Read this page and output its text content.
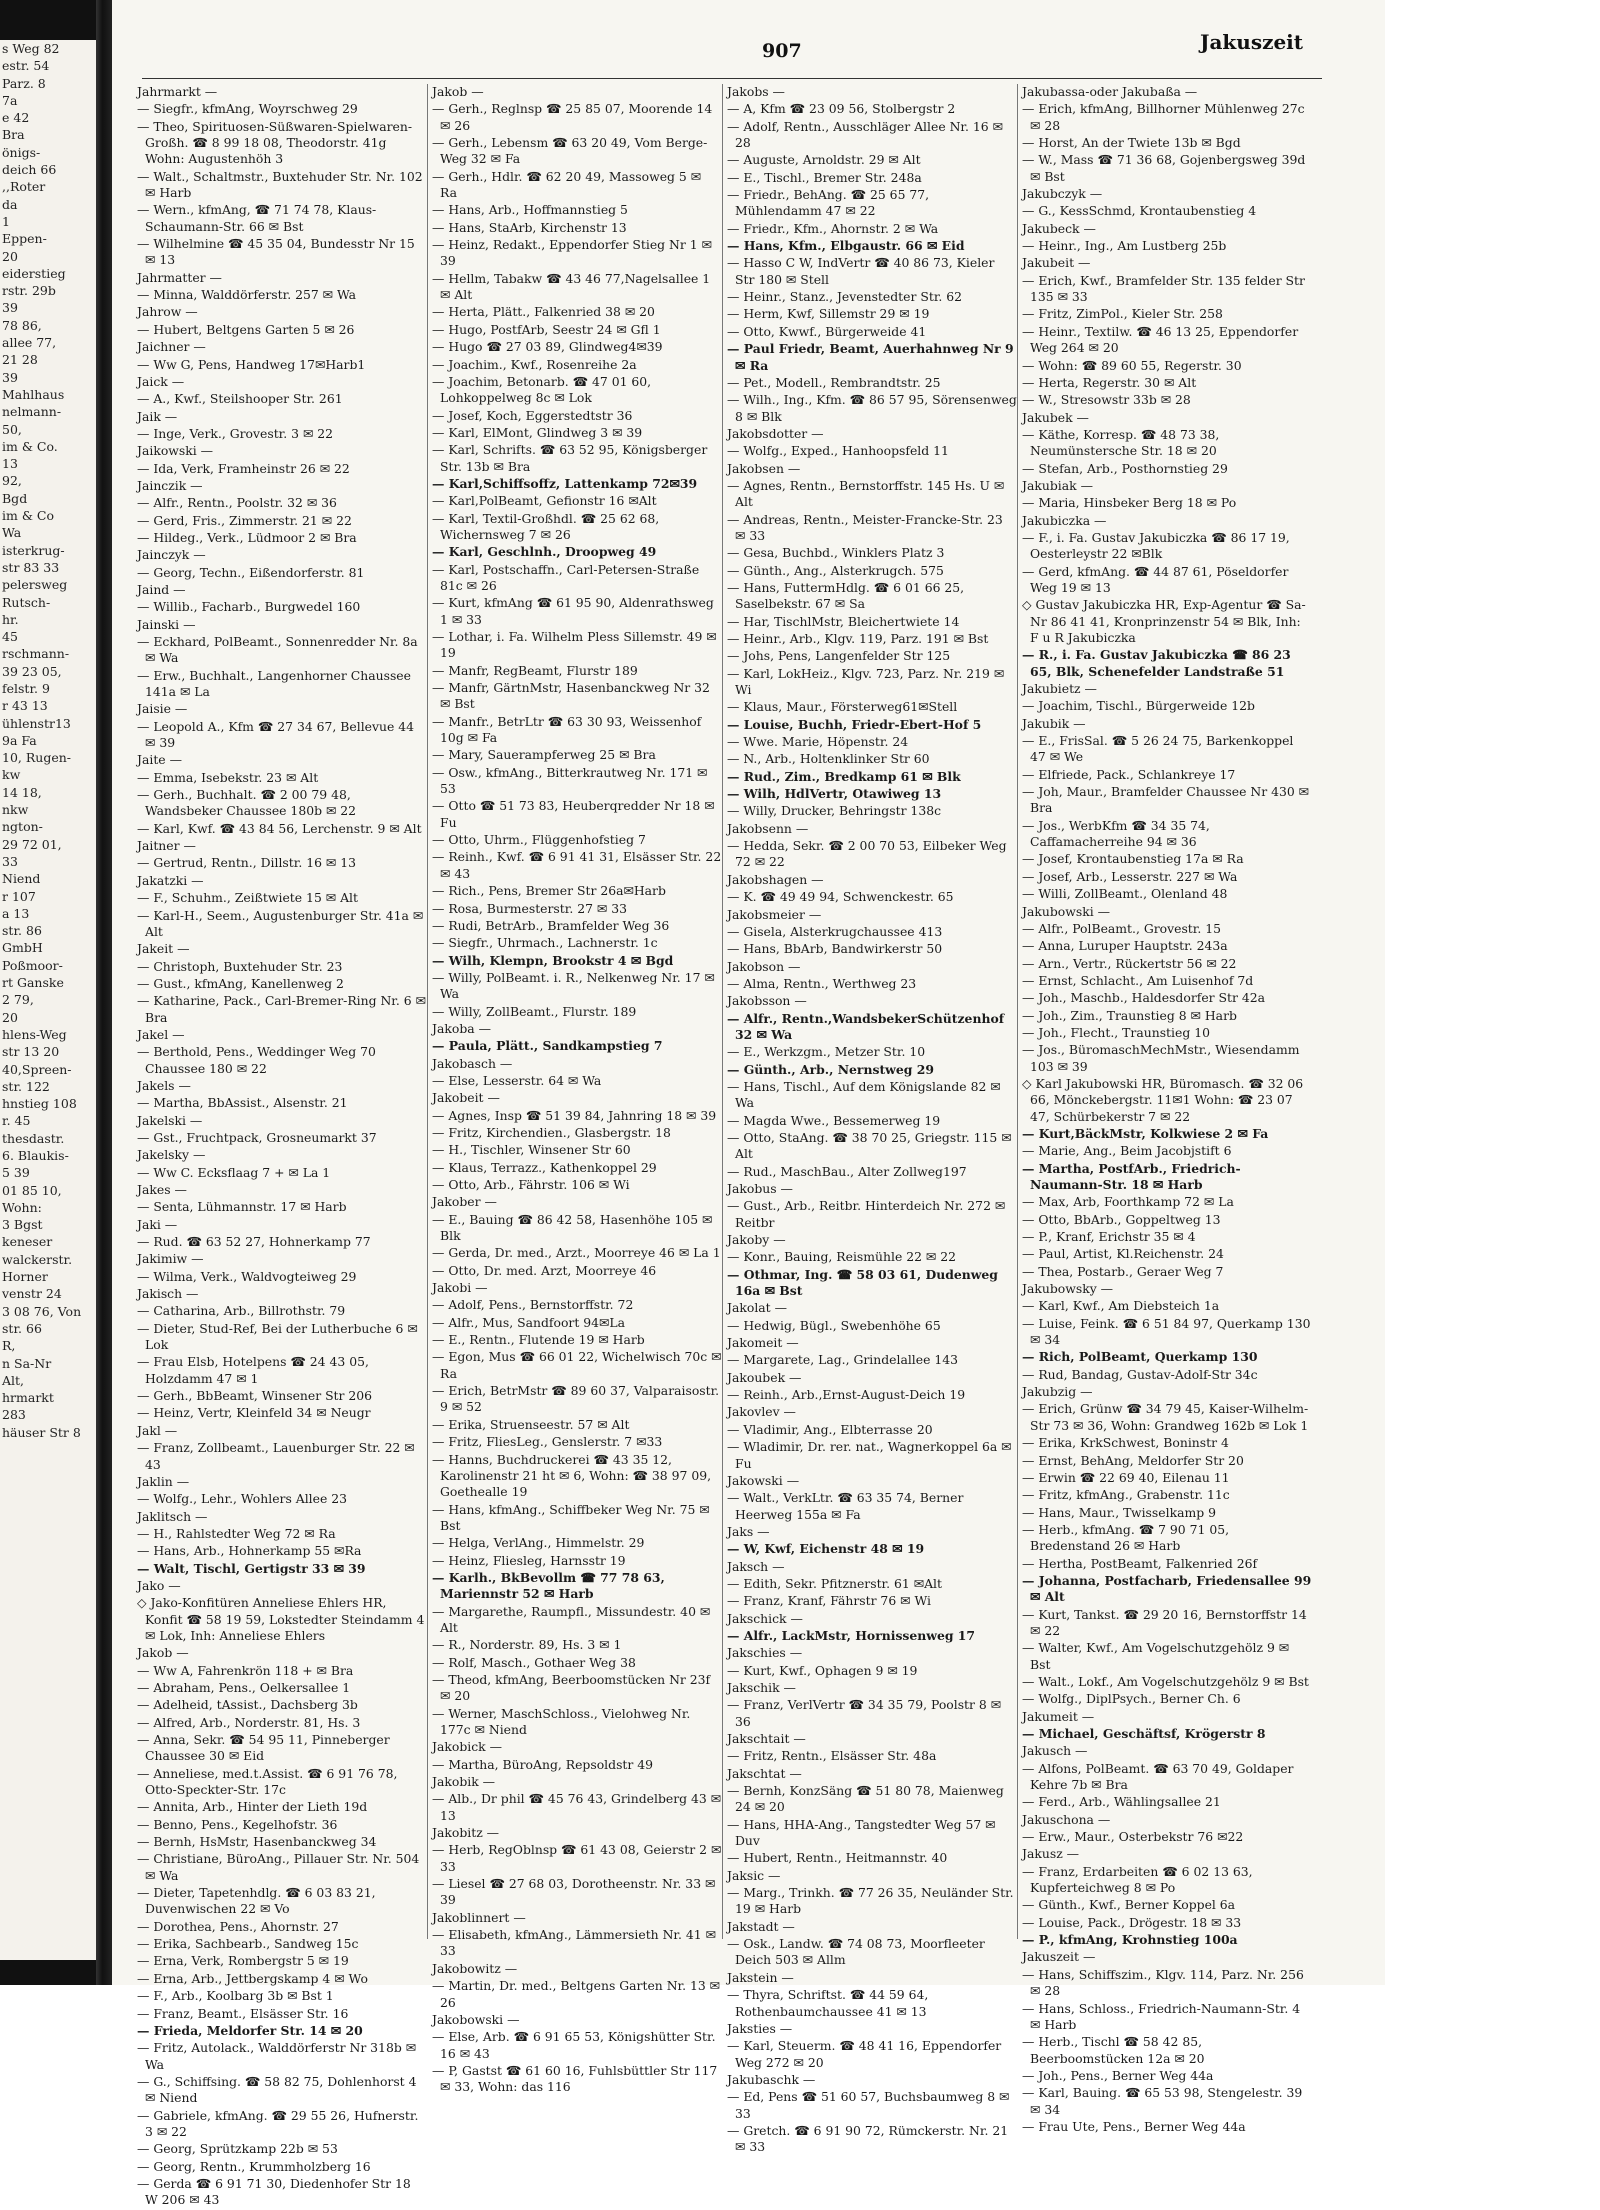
s Weg 82
estr. 54
Parz. 8
7a
e 42
Bra
önigs-
deich 66
,,Roter
da
1
Eppen-
20
eiderstieg
rstr. 29b
39
78 86,
allee 77,
21 28
39
Mahlhaus
nelmann-
50,
im & Co.
13
92,
Bgd
im & Co
Wa
isterkrug-
str 83 33
pelersweg
Rutsch-
hr.
45
rschmann-
39 23 05,
felstr. 9
r 43 13
ühlenstr13
9a Fa
10, Rugen-
kw
14 18,
nkw
ngton-
29 72 01,
33
Niend
r 107
a 13
str. 86
GmbH
Poßmoor-
rt Ganske
2 79,
20
hlens-Weg
str 13 20
40,Spreen-
str. 122
hnstieg 108
r. 45
thesdastr.
6. Blaukis-
5 39
01 85 10,
Wohn:
3 Bgst
keneser
walckerstr.
Horner
venstr 24
3 08 76, Von
str. 66
R,
n Sa-Nr
Alt,
hrmarkt
283
häuser Str 8
907	Jakuszeit
Jahrmarkt —
— Siegfr., kfmAng, Woyrschweg 29
— Theo, Spirituosen-Süßwaren-Spielwaren-Großh. ☎ 8 99 18 08, Theodorstr. 41g Wohn: Augustenhöh 3
— Walt., Schaltmstr., Buxtehuder Str. Nr. 102 ✉ Harb
— Wern., kfmAng, ☎ 71 74 78, Klaus-Schaumann-Str. 66 ✉ Bst
— Wilhelmine ☎ 45 35 04, Bundesstr Nr 15 ✉ 13
Jahrmatter —
— Minna, Walddörferstr. 257 ✉ Wa
Jahrow —
— Hubert, Beltgens Garten 5 ✉ 26
Jaichner —
— Ww G, Pens, Handweg 17✉Harb1
Jaick —
— A., Kwf., Steilshooper Str. 261
Jaik —
— Inge, Verk., Grovestr. 3 ✉ 22
Jaikowski —
— Ida, Verk, Framheinstr 26 ✉ 22
Jainczik —
— Alfr., Rentn., Poolstr. 32 ✉ 36
— Gerd, Fris., Zimmerstr. 21 ✉ 22
— Hildeg., Verk., Lüdmoor 2 ✉ Bra
Jainczyk —
— Georg, Techn., Eißendorferstr. 81
Jaind —
— Willib., Facharb., Burgwedel 160
Jainski —
— Eckhard, PolBeamt., Sonnenredder Nr. 8a ✉ Wa
— Erw., Buchhalt., Langenhorner Chaussee 141a ✉ La
Jaisie —
— Leopold A., Kfm ☎ 27 34 67, Bellevue 44 ✉ 39
Jaite —
— Emma, Isebekstr. 23 ✉ Alt
— Gerh., Buchhalt. ☎ 2 00 79 48, Wandsbeker Chaussee 180b ✉ 22
— Karl, Kwf. ☎ 43 84 56, Lerchenstr. 9 ✉ Alt
Jaitner —
— Gertrud, Rentn., Dillstr. 16 ✉ 13
Jakatzki —
— F., Schuhm., Zeißtwiete 15 ✉ Alt
— Karl-H., Seem., Augustenburger Str. 41a ✉ Alt
Jakeit —
— Christoph, Buxtehuder Str. 23
— Gust., kfmAng, Kanellenweg 2
— Katharine, Pack., Carl-Bremer-Ring Nr. 6 ✉ Bra
Jakel —
— Berthold, Pens., Weddinger Weg 70 Chaussee 180 ✉ 22
Jakels —
— Martha, BbAssist., Alsenstr. 21
Jakelski —
— Gst., Fruchtpack, Grosneumarkt 37
Jakelsky —
— Ww C. Ecksflaag 7 + ✉ La 1
Jakes —
— Senta, Lühmannstr. 17 ✉ Harb
Jaki —
— Rud. ☎ 63 52 27, Hohnerkamp 77
Jakimiw —
— Wilma, Verk., Waldvogteiweg 29
Jakisch —
— Catharina, Arb., Billrothstr. 79
— Dieter, Stud-Ref, Bei der Lutherbuche 6 ✉ Lok
— Frau Elsb, Hotelpens ☎ 24 43 05, Holzdamm 47 ✉ 1
— Gerh., BbBeamt, Winsener Str 206
— Heinz, Vertr, Kleinfeld 34 ✉ Neugr
Jakl —
— Franz, Zollbeamt., Lauenburger Str. 22 ✉ 43
Jaklin —
— Wolfg., Lehr., Wohlers Allee 23
Jaklitsch —
— H., Rahlstedter Weg 72 ✉ Ra
— Hans, Arb., Hohnerkamp 55 ✉Ra
— Walt, Tischl, Gertigstr 33 ✉ 39
Jako —
◇ Jako-Konfitüren Anneliese Ehlers HR, Konfit ☎ 58 19 59, Lokstedter Steindamm 4 ✉ Lok, Inh: Anneliese Ehlers
Jakob —
— Ww A, Fahrenkrön 118 + ✉ Bra
— Abraham, Pens., Oelkersallee 1
— Adelheid, tAssist., Dachsberg 3b
— Alfred, Arb., Norderstr. 81, Hs. 3
— Anna, Sekr. ☎ 54 95 11, Pinneberger Chaussee 30 ✉ Eid
— Anneliese, med.t.Assist. ☎ 6 91 76 78, Otto-Speckter-Str. 17c
— Annita, Arb., Hinter der Lieth 19d
— Benno, Pens., Kegelhofstr. 36
— Bernh, HsMstr, Hasenbanckweg 34
— Christiane, BüroAng., Pillauer Str. Nr. 504 ✉ Wa
— Dieter, Tapetenhdlg. ☎ 6 03 83 21, Duvenwischen 22 ✉ Vo
— Dorothea, Pens., Ahornstr. 27
— Erika, Sachbearb., Sandweg 15c
— Erna, Verk, Rombergstr 5 ✉ 19
— Erna, Arb., Jettbergskamp 4 ✉ Wo
— F., Arb., Koolbarg 3b ✉ Bst 1
— Franz, Beamt., Elsässer Str. 16
— Frieda, Meldorfer Str. 14 ✉ 20
— Fritz, Autolack., Walddörferstr Nr 318b ✉ Wa
— G., Schiffsing. ☎ 58 82 75, Dohlenhorst 4 ✉ Niend
— Gabriele, kfmAng. ☎ 29 55 26, Hufnerstr. 3 ✉ 22
— Georg, Sprützkamp 22b ✉ 53
— Georg, Rentn., Krummholzberg 16
— Gerda ☎ 6 91 71 30, Diedenhofer Str 18 W 206 ✉ 43
Jakob —
— Gerh., Reglnsp ☎ 25 85 07, Moorende 14 ✉ 26
— Gerh., Lebensm ☎ 63 20 49, Vom Berge-Weg 32 ✉ Fa
— Gerh., Hdlr. ☎ 62 20 49, Massoweg 5 ✉ Ra
— Hans, Arb., Hoffmannstieg 5
— Hans, StaArb, Kirchenstr 13
— Heinz, Redakt., Eppendorfer Stieg Nr 1 ✉ 39
— Hellm, Tabakw ☎ 43 46 77,Nagelsallee 1 ✉ Alt
— Herta, Plätt., Falkenried 38 ✉ 20
— Hugo, PostfArb, Seestr 24 ✉ Gfl 1
— Hugo ☎ 27 03 89, Glindweg4✉39
— Joachim., Kwf., Rosenreihe 2a
— Joachim, Betonarb. ☎ 47 01 60, Lohkoppelweg 8c ✉ Lok
— Josef, Koch, Eggerstedtstr 36
— Karl, ElMont, Glindweg 3 ✉ 39
— Karl, Schrifts. ☎ 63 52 95, Königsberger Str. 13b ✉ Bra
— Karl,Schiffsoffz, Lattenkamp 72✉39
— Karl,PolBeamt, Gefionstr 16 ✉Alt
— Karl, Textil-Großhdl. ☎ 25 62 68, Wichernsweg 7 ✉ 26
— Karl, Geschlnh., Droopweg 49
— Karl, Postschaffn., Carl-Petersen-Straße 81c ✉ 26
— Kurt, kfmAng ☎ 61 95 90, Aldenrathsweg 1 ✉ 33
— Lothar, i. Fa. Wilhelm Pless Sillemstr. 49 ✉ 19
— Manfr, RegBeamt, Flurstr 189
— Manfr, GärtnMstr, Hasenbanckweg Nr 32 ✉ Bst
— Manfr., BetrLtr ☎ 63 30 93, Weissenhof 10g ✉ Fa
— Mary, Sauerampferweg 25 ✉ Bra
— Osw., kfmAng., Bitterkrautweg Nr. 171 ✉ 53
— Otto ☎ 51 73 83, Heuberqredder Nr 18 ✉ Fu
— Otto, Uhrm., Flüggenhofstieg 7
— Reinh., Kwf. ☎ 6 91 41 31, Elsässer Str. 22 ✉ 43
— Rich., Pens, Bremer Str 26a✉Harb
— Rosa, Burmesterstr. 27 ✉ 33
— Rudi, BetrArb., Bramfelder Weg 36
— Siegfr., Uhrmach., Lachnerstr. 1c
— Wilh, Klempn, Brookstr 4 ✉ Bgd
— Willy, PolBeamt. i. R., Nelkenweg Nr. 17 ✉ Wa
— Willy, ZollBeamt., Flurstr. 189
Jakoba —
— Paula, Plätt., Sandkampstieg 7
Jakobasch —
— Else, Lesserstr. 64 ✉ Wa
Jakobeit —
— Agnes, Insp ☎ 51 39 84, Jahnring 18 ✉ 39
— Fritz, Kirchendien., Glasbergstr. 18
— H., Tischler, Winsener Str 60
— Klaus, Terrazz., Kathenkoppel 29
— Otto, Arb., Fährstr. 106 ✉ Wi
Jakober —
— E., Bauing ☎ 86 42 58, Hasenhöhe 105 ✉ Blk
— Gerda, Dr. med., Arzt., Moorreye 46 ✉ La 1
— Otto, Dr. med. Arzt, Moorreye 46
Jakobi —
— Adolf, Pens., Bernstorffstr. 72
— Alfr., Mus, Sandfoort 94✉La
— E., Rentn., Flutende 19 ✉ Harb
— Egon, Mus ☎ 66 01 22, Wichelwisch 70c ✉ Ra
— Erich, BetrMstr ☎ 89 60 37, Valparaisostr. 9 ✉ 52
— Erika, Struenseestr. 57 ✉ Alt
— Fritz, FliesLeg., Genslerstr. 7 ✉33
— Hanns, Buchdruckerei ☎ 43 35 12, Karolinenstr 21 ht ✉ 6, Wohn: ☎ 38 97 09, Goethealle 19
— Hans, kfmAng., Schiffbeker Weg Nr. 75 ✉ Bst
— Helga, VerlAng., Himmelstr. 29
— Heinz, Fliesleg, Harnsstr 19
— Karlh., BkBevollm ☎ 77 78 63, Mariennstr 52 ✉ Harb
— Margarethe, Raumpfl., Missundestr. 40 ✉ Alt
— R., Norderstr. 89, Hs. 3 ✉ 1
— Rolf, Masch., Gothaer Weg 38
— Theod, kfmAng, Beerboomstücken Nr 23f ✉ 20
— Werner, MaschSchloss., Vielohweg Nr. 177c ✉ Niend
Jakobick —
— Martha, BüroAng, Repsoldstr 49
Jakobik —
— Alb., Dr phil ☎ 45 76 43, Grindelberg 43 ✉ 13
Jakobitz —
— Herb, RegOblnsp ☎ 61 43 08, Geierstr 2 ✉ 33
— Liesel ☎ 27 68 03, Dorotheenstr. Nr. 33 ✉ 39
Jakoblinnert —
— Elisabeth, kfmAng., Lämmersieth Nr. 41 ✉ 33
Jakobowitz —
— Martin, Dr. med., Beltgens Garten Nr. 13 ✉ 26
Jakobowski —
— Else, Arb. ☎ 6 91 65 53, Königshütter Str. 16 ✉ 43
— P, Gastst ☎ 61 60 16, Fuhlsbüttler Str 117 ✉ 33, Wohn: das 116
Jakobs —
— A, Kfm ☎ 23 09 56, Stolbergstr 2
— Adolf, Rentn., Ausschläger Allee Nr. 16 ✉ 28
— Auguste, Arnoldstr. 29 ✉ Alt
— E., Tischl., Bremer Str. 248a
— Friedr., BehAng. ☎ 25 65 77, Mühlendamm 47 ✉ 22
— Friedr., Kfm., Ahornstr. 2 ✉ Wa
— Hans, Kfm., Elbgaustr. 66 ✉ Eid
— Hasso C W, IndVertr ☎ 40 86 73, Kieler Str 180 ✉ Stell
— Heinr., Stanz., Jevenstedter Str. 62
— Herm, Kwf, Sillemstr 29 ✉ 19
— Otto, Kwwf., Bürgerweide 41
— Paul Friedr, Beamt, Auerhahnweg Nr 9 ✉ Ra
— Pet., Modell., Rembrandtstr. 25
— Wilh., Ing., Kfm. ☎ 86 57 95, Sörensenweg 8 ✉ Blk
Jakobsdotter —
— Wolfg., Exped., Hanhoopsfeld 11
Jakobsen —
— Agnes, Rentn., Bernstorffstr. 145 Hs. U ✉ Alt
— Andreas, Rentn., Meister-Francke-Str. 23 ✉ 33
— Gesa, Buchbd., Winklers Platz 3
— Günth., Ang., Alsterkrugch. 575
— Hans, FuttermHdlg. ☎ 6 01 66 25, Saselbekstr. 67 ✉ Sa
— Har, TischlMstr, Bleichertwiete 14
— Heinr., Arb., Klgv. 119, Parz. 191 ✉ Bst
— Johs, Pens, Langenfelder Str 125
— Karl, LokHeiz., Klgv. 723, Parz. Nr. 219 ✉ Wi
— Klaus, Maur., Försterweg61✉Stell
— Louise, Buchh, Friedr-Ebert-Hof 5
— Wwe. Marie, Höpenstr. 24
— N., Arb., Holtenklinker Str 60
— Rud., Zim., Bredkamp 61 ✉ Blk
— Wilh, HdlVertr, Otawiweg 13
— Willy, Drucker, Behringstr 138c
Jakobsenn —
— Hedda, Sekr. ☎ 2 00 70 53, Eilbeker Weg 72 ✉ 22
Jakobshagen —
— K. ☎ 49 49 94, Schwenckestr. 65
Jakobsmeier —
— Gisela, Alsterkrugchaussee 413
— Hans, BbArb, Bandwirkerstr 50
Jakobson —
— Alma, Rentn., Werthweg 23
Jakobsson —
— Alfr., Rentn.,WandsbekerSchützenhof 32 ✉ Wa
— E., Werkzgm., Metzer Str. 10
— Günth., Arb., Nernstweg 29
— Hans, Tischl., Auf dem Königslande 82 ✉ Wa
— Magda Wwe., Bessemerweg 19
— Otto, StaAng. ☎ 38 70 25, Griegstr. 115 ✉ Alt
— Rud., MaschBau., Alter Zollweg197
Jakobus —
— Gust., Arb., Reitbr. Hinterdeich Nr. 272 ✉ Reitbr
Jakoby —
— Konr., Bauing, Reismühle 22 ✉ 22
— Othmar, Ing. ☎ 58 03 61, Dudenweg 16a ✉ Bst
Jakolat —
— Hedwig, Bügl., Swebenhöhe 65
Jakomeit —
— Margarete, Lag., Grindelallee 143
Jakoubek —
— Reinh., Arb.,Ernst-August-Deich 19
Jakovlev —
— Vladimir, Ang., Elbterrasse 20
— Wladimir, Dr. rer. nat., Wagnerkoppel 6a ✉ Fu
Jakowski —
— Walt., VerkLtr. ☎ 63 35 74, Berner Heerweg 155a ✉ Fa
Jaks —
— W, Kwf, Eichenstr 48 ✉ 19
Jaksch —
— Edith, Sekr. Pfitznerstr. 61 ✉Alt
— Franz, Kranf, Fährstr 76 ✉ Wi
Jakschick —
— Alfr., LackMstr, Hornissenweg 17
Jakschies —
— Kurt, Kwf., Ophagen 9 ✉ 19
Jakschik —
— Franz, VerlVertr ☎ 34 35 79, Poolstr 8 ✉ 36
Jakschtait —
— Fritz, Rentn., Elsässer Str. 48a
Jakschtat —
— Bernh, KonzSäng ☎ 51 80 78, Maienweg 24 ✉ 20
— Hans, HHA-Ang., Tangstedter Weg 57 ✉ Duv
— Hubert, Rentn., Heitmannstr. 40
Jaksic —
— Marg., Trinkh. ☎ 77 26 35, Neuländer Str. 19 ✉ Harb
Jakstadt —
— Osk., Landw. ☎ 74 08 73, Moorfleeter Deich 503 ✉ Allm
Jakstein —
— Thyra, Schriftst. ☎ 44 59 64, Rothenbaumchaussee 41 ✉ 13
Jaksties —
— Karl, Steuerm. ☎ 48 41 16, Eppendorfer Weg 272 ✉ 20
Jakubaschk —
— Ed, Pens ☎ 51 60 57, Buchsbaumweg 8 ✉ 33
— Gretch. ☎ 6 91 90 72, Rümckerstr. Nr. 21 ✉ 33
Jakubassa-oder Jakubaßa —
— Erich, kfmAng, Billhorner Mühlenweg 27c ✉ 28
— Horst, An der Twiete 13b ✉ Bgd
— W., Mass ☎ 71 36 68, Gojenbergsweg 39d ✉ Bst
Jakubczyk —
— G., KessSchmd, Krontaubenstieg 4
Jakubeck —
— Heinr., Ing., Am Lustberg 25b
Jakubeit —
— Erich, Kwf., Bramfelder Str. 135 felder Str 135 ✉ 33
— Fritz, ZimPol., Kieler Str. 258
— Heinr., Textilw. ☎ 46 13 25, Eppendorfer Weg 264 ✉ 20
— Wohn: ☎ 89 60 55, Regerstr. 30
— Herta, Regerstr. 30 ✉ Alt
— W., Stresowstr 33b ✉ 28
Jakubek —
— Käthe, Korresp. ☎ 48 73 38, Neumünstersche Str. 18 ✉ 20
— Stefan, Arb., Posthornstieg 29
Jakubiak —
— Maria, Hinsbeker Berg 18 ✉ Po
Jakubiczka —
— F., i. Fa. Gustav Jakubiczka ☎ 86 17 19, Oesterleystr 22 ✉Blk
— Gerd, kfmAng. ☎ 44 87 61, Pöseldorfer Weg 19 ✉ 13
◇ Gustav Jakubiczka HR, Exp-Agentur ☎ Sa-Nr 86 41 41, Kronprinzenstr 54 ✉ Blk, Inh: F u R Jakubiczka
— R., i. Fa. Gustav Jakubiczka ☎ 86 23 65, Blk, Schenefelder Landstraße 51
Jakubietz —
— Joachim, Tischl., Bürgerweide 12b
Jakubik —
— E., FrisSal. ☎ 5 26 24 75, Barkenkoppel 47 ✉ We
— Elfriede, Pack., Schlankreye 17
— Joh, Maur., Bramfelder Chaussee Nr 430 ✉ Bra
— Jos., WerbKfm ☎ 34 35 74, Caffamacherreihe 94 ✉ 36
— Josef, Krontaubenstieg 17a ✉ Ra
— Josef, Arb., Lesserstr. 227 ✉ Wa
— Willi, ZollBeamt., Olenland 48
Jakubowski —
— Alfr., PolBeamt., Grovestr. 15
— Anna, Luruper Hauptstr. 243a
— Arn., Vertr., Rückertstr 56 ✉ 22
— Ernst, Schlacht., Am Luisenhof 7d
— Joh., Maschb., Haldesdorfer Str 42a
— Joh., Zim., Traunstieg 8 ✉ Harb
— Joh., Flecht., Traunstieg 10
— Jos., BüromaschMechMstr., Wiesendamm 103 ✉ 39
◇ Karl Jakubowski HR, Büromasch. ☎ 32 06 66, Mönckebergstr. 11✉1 Wohn: ☎ 23 07 47, Schürbekerstr 7 ✉ 22
— Kurt,BäckMstr, Kolkwiese 2 ✉ Fa
— Marie, Ang., Beim Jacobjstift 6
— Martha, PostfArb., Friedrich-Naumann-Str. 18 ✉ Harb
— Max, Arb, Foorthkamp 72 ✉ La
— Otto, BbArb., Goppeltweg 13
— P., Kranf, Erichstr 35 ✉ 4
— Paul, Artist, Kl.Reichenstr. 24
— Thea, Postarb., Geraer Weg 7
Jakubowsky —
— Karl, Kwf., Am Diebsteich 1a
— Luise, Feink. ☎ 6 51 84 97, Querkamp 130 ✉ 34
— Rich, PolBeamt, Querkamp 130
— Rud, Bandag, Gustav-Adolf-Str 34c
Jakubzig —
— Erich, Grünw ☎ 34 79 45, Kaiser-Wilhelm-Str 73 ✉ 36, Wohn: Grandweg 162b ✉ Lok 1
— Erika, KrkSchwest, Boninstr 4
— Ernst, BehAng, Meldorfer Str 20
— Erwin ☎ 22 69 40, Eilenau 11
— Fritz, kfmAng., Grabenstr. 11c
— Hans, Maur., Twisselkamp 9
— Herb., kfmAng. ☎ 7 90 71 05, Bredenstand 26 ✉ Harb
— Hertha, PostBeamt, Falkenried 26f
— Johanna, Postfacharb, Friedensallee 99 ✉ Alt
— Kurt, Tankst. ☎ 29 20 16, Bernstorffstr 14 ✉ 22
— Walter, Kwf., Am Vogelschutzgehölz 9 ✉ Bst
— Walt., Lokf., Am Vogelschutzgehölz 9 ✉ Bst
— Wolfg., DiplPsych., Berner Ch. 6
Jakumeit —
— Michael, Geschäftsf, Krögerstr 8
Jakusch —
— Alfons, PolBeamt. ☎ 63 70 49, Goldaper Kehre 7b ✉ Bra
— Ferd., Arb., Wählingsallee 21
Jakuschona —
— Erw., Maur., Osterbekstr 76 ✉22
Jakusz —
— Franz, Erdarbeiten ☎ 6 02 13 63, Kupferteichweg 8 ✉ Po
— Günth., Kwf., Berner Koppel 6a
— Louise, Pack., Drögestr. 18 ✉ 33
— P., kfmAng, Krohnstieg 100a
Jakuszeit —
— Hans, Schiffszim., Klgv. 114, Parz. Nr. 256 ✉ 28
— Hans, Schloss., Friedrich-Naumann-Str. 4 ✉ Harb
— Herb., Tischl ☎ 58 42 85, Beerboomstücken 12a ✉ 20
— Joh., Pens., Berner Weg 44a
— Karl, Bauing. ☎ 65 53 98, Stengelestr. 39 ✉ 34
— Frau Ute, Pens., Berner Weg 44a
